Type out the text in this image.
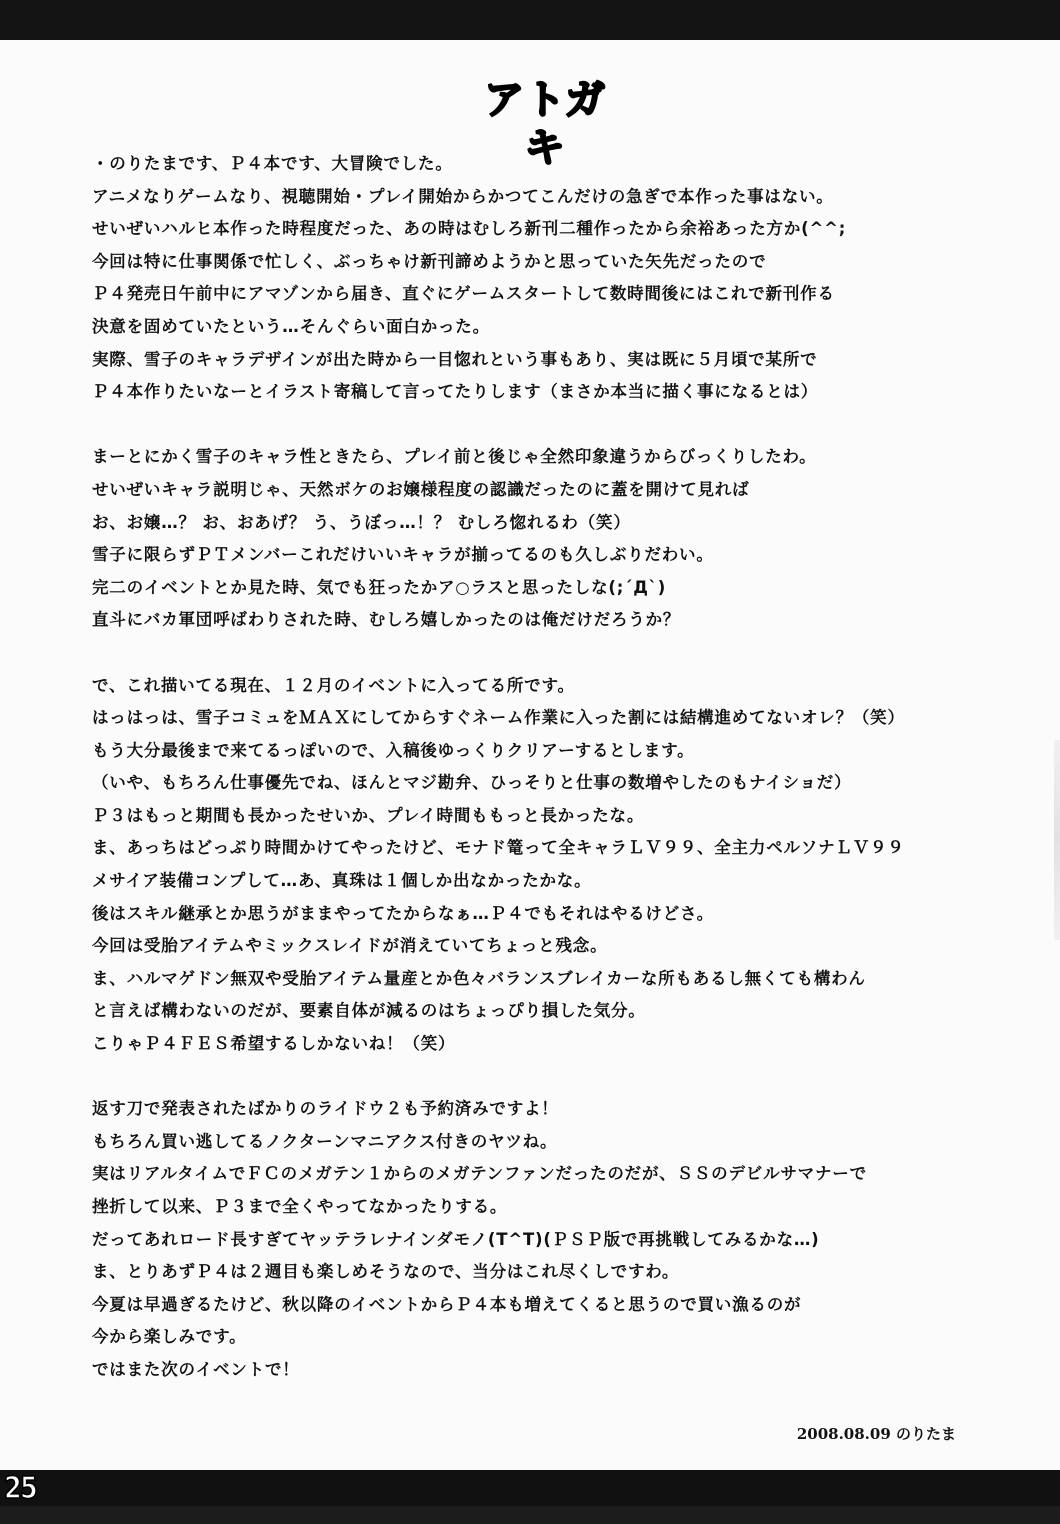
アトガキ
・のりたまです、Ｐ４本です、大冒険でした。
アニメなりゲームなり、視聴開始・プレイ開始からかつてこんだけの急ぎで本作った事はない。
せいぜいハルヒ本作った時程度だった、あの時はむしろ新刊二種作ったから余裕あった方か(^^;
今回は特に仕事関係で忙しく、ぶっちゃけ新刊諦めようかと思っていた矢先だったので
Ｐ４発売日午前中にアマゾンから届き、直ぐにゲームスタートして数時間後にはこれで新刊作る
決意を固めていたという…そんぐらい面白かった。
実際、雪子のキャラデザインが出た時から一目惚れという事もあり、実は既に５月頃で某所で
Ｐ４本作りたいなーとイラスト寄稿して言ってたりします（まさか本当に描く事になるとは）
まーとにかく雪子のキャラ性ときたら、プレイ前と後じゃ全然印象違うからびっくりしたわ。
せいぜいキャラ説明じゃ、天然ボケのお嬢様程度の認識だったのに蓋を開けて見れば
お、お嬢…？ お、おあげ？ う、うぼっ…！？ むしろ惚れるわ（笑）
雪子に限らずＰＴメンバーこれだけいいキャラが揃ってるのも久しぶりだわい。
完二のイベントとか見た時、気でも狂ったかア○ラスと思ったしな(;´Д`)
直斗にバカ軍団呼ばわりされた時、むしろ嬉しかったのは俺だけだろうか？
で、これ描いてる現在、１２月のイベントに入ってる所です。
はっはっは、雪子コミュをＭＡＸにしてからすぐネーム作業に入った割には結構進めてないオレ？（笑）
もう大分最後まで来てるっぽいので、入稿後ゆっくりクリアーするとします。
（いや、もちろん仕事優先でね、ほんとマジ勘弁、ひっそりと仕事の数増やしたのもナイショだ）
Ｐ３はもっと期間も長かったせいか、プレイ時間ももっと長かったな。
ま、あっちはどっぷり時間かけてやったけど、モナド篭って全キャラＬＶ９９、全主力ペルソナＬＶ９９
メサイア装備コンプして…あ、真珠は１個しか出なかったかな。
後はスキル継承とか思うがままやってたからなぁ…Ｐ４でもそれはやるけどさ。
今回は受胎アイテムやミックスレイドが消えていてちょっと残念。
ま、ハルマゲドン無双や受胎アイテム量産とか色々バランスブレイカーな所もあるし無くても構わん
と言えば構わないのだが、要素自体が減るのはちょっぴり損した気分。
こりゃＰ４ＦＥＳ希望するしかないね！（笑）
返す刀で発表されたばかりのライドウ２も予約済みですよ！
もちろん買い逃してるノクターンマニアクス付きのヤツね。
実はリアルタイムでＦＣのメガテン１からのメガテンファンだったのだが、ＳＳのデビルサマナーで
挫折して以来、Ｐ３まで全くやってなかったりする。
だってあれロード長すぎてヤッテラレナインダモノ(T^T)(ＰＳＰ版で再挑戦してみるかな…)
ま、とりあずＰ４は２週目も楽しめそうなので、当分はこれ尽くしですわ。
今夏は早過ぎるたけど、秋以降のイベントからＰ４本も増えてくると思うので買い漁るのが
今から楽しみです。
ではまた次のイベントで！
2008.08.09 のりたま
25
